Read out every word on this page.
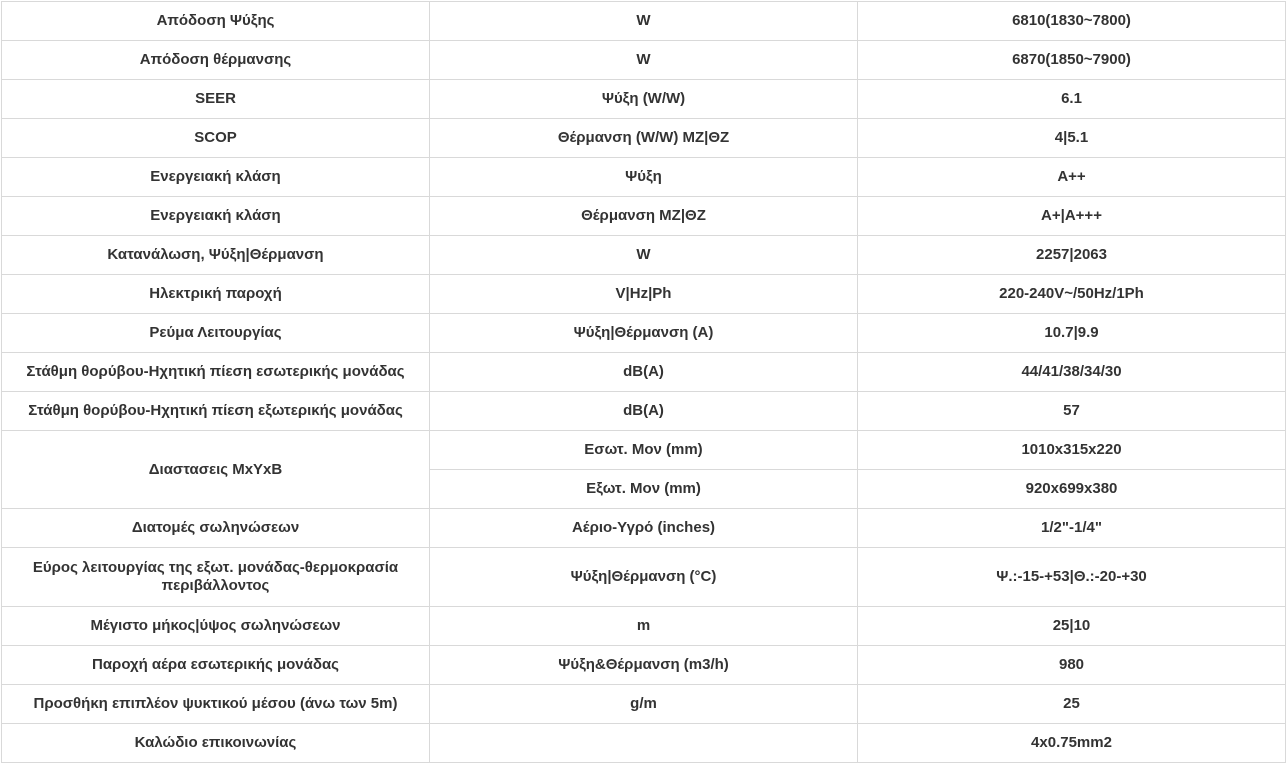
Απόδοση Ψύξης	W	6810(1830~7800)
Απόδοση θέρμανσης	W	6870(1850~7900)
SEER	Ψύξη (W/W)	6.1
SCOP	Θέρμανση (W/W) ΜΖ|ΘΖ	4|5.1
Ενεργειακή κλάση	Ψύξη	A++
Ενεργειακή κλάση	Θέρμανση ΜΖ|ΘΖ	A+|A+++
Κατανάλωση, Ψύξη|Θέρμανση	W	2257|2063
Ηλεκτρική παροχή	V|Hz|Ph	220-240V~/50Hz/1Ph
Ρεύμα Λειτουργίας	Ψύξη|Θέρμανση (A)	10.7|9.9
Στάθμη θορύβου-Ηχητική πίεση εσωτερικής μονάδας	dB(A)	44/41/38/34/30
Στάθμη θορύβου-Ηχητική πίεση εξωτερικής μονάδας	dB(A)	57
Διαστασεις ΜxΥxΒ	Εσωτ. Μον (mm)	1010x315x220
	Εξωτ. Μον (mm)	920x699x380
Διατομές σωληνώσεων	Αέριο-Υγρό (inches)	1/2"-1/4"
Εύρος λειτουργίας της εξωτ. μονάδας-θερμοκρασία περιβάλλοντος	Ψύξη|Θέρμανση (°C)	Ψ.:-15-+53|Θ.:-20-+30
Μέγιστο μήκος|ύψος σωληνώσεων	m	25|10
Παροχή αέρα εσωτερικής μονάδας	Ψύξη&Θέρμανση (m3/h)	980
Προσθήκη επιπλέον ψυκτικού μέσου (άνω των 5m)	g/m	25
Καλώδιο επικοινωνίας		4x0.75mm2
